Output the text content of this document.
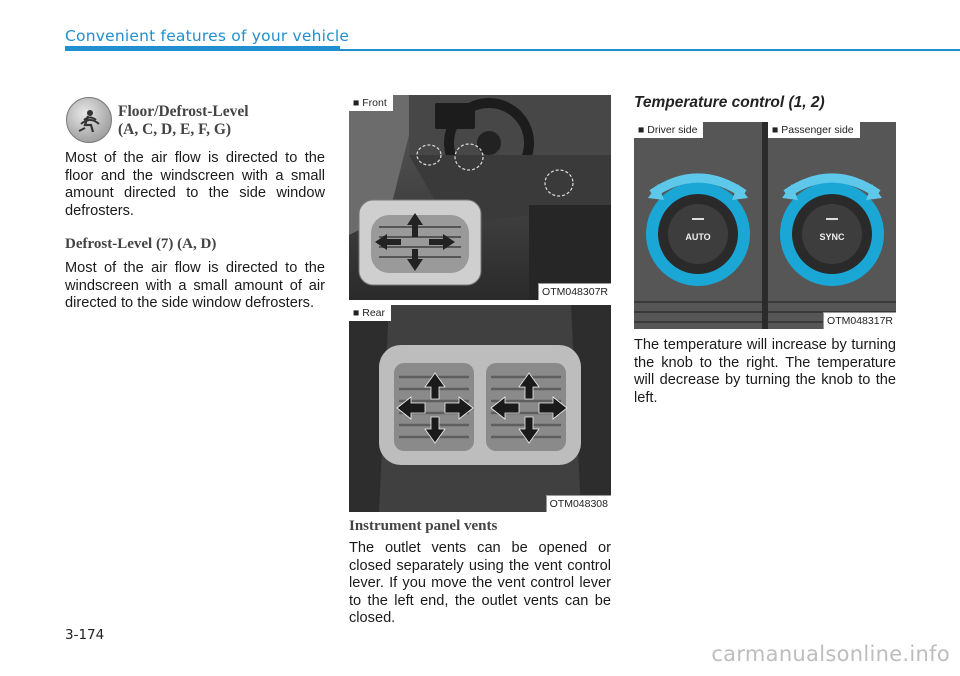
Convenient features of your vehicle
Floor/Defrost-Level
(A, C, D, E, F, G)
Most of the air flow is directed to the floor and the windscreen with a small amount directed to the side window defrosters.
Defrost-Level (7) (A, D)
Most of the air flow is directed to the windscreen with a small amount of air directed to the side window defrosters.
■ Front
OTM048307R
■ Rear
OTM048308
Instrument panel vents
The outlet vents can be opened or closed separately using the vent control lever. If you move the vent control lever to the left end, the outlet vents can be closed.
Temperature control (1, 2)
AUTO	SYNC
■ Driver side	■ Passenger side
OTM048317R
The temperature will increase by turning the knob to the right. The temperature will decrease by turning the knob to the left.
3-174
carmanualsonline.info
